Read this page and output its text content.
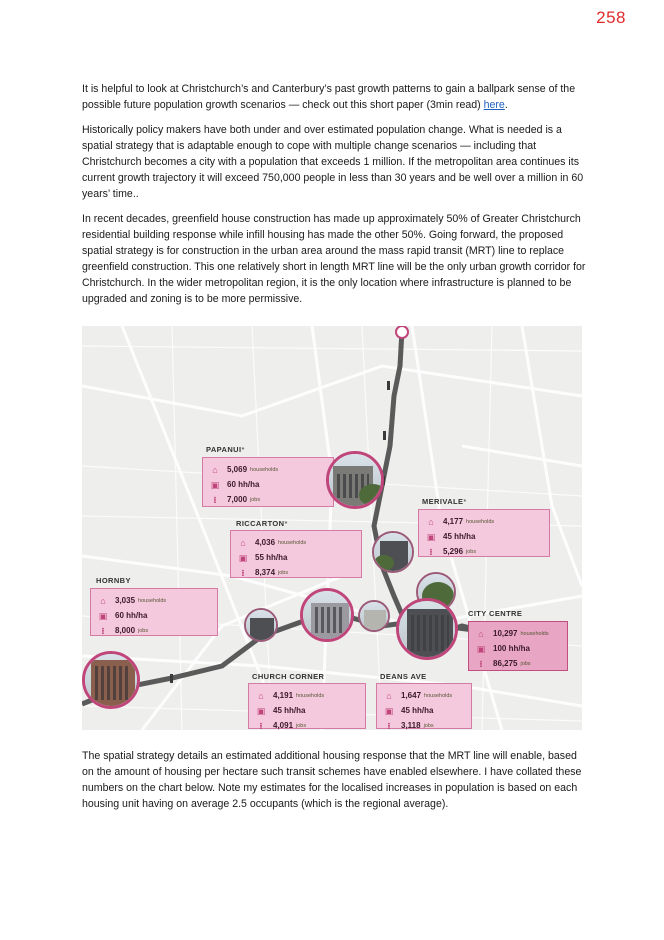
258

It is helpful to look at Christchurch’s and Canterbury’s past growth patterns to gain a ballpark sense of the possible future population growth scenarios — check out this short paper (3min read) here.

Historically policy makers have both under and over estimated population change. What is needed is a spatial strategy that is adaptable enough to cope with multiple change scenarios — including that Christchurch becomes a city with a population that exceeds 1 million. If the metropolitan area continues its current growth trajectory it will exceed 750,000 people in less than 30 years and be well over a million in 60 years’ time..

In recent decades, greenfield house construction has made up approximately 50% of Greater Christchurch residential building response while infill housing has made the other 50%. Going forward, the proposed spatial strategy is for construction in the urban area around the mass rapid transit (MRT) line to replace greenfield construction. This one relatively short in length MRT line will be the only urban growth corridor for Christchurch. In the wider metropolitan region, it is the only location where infrastructure is planned to be upgraded and zoning is to be more permissive.

PAPANUI*
⌂	5,069 households
▣ 60 hh/ha
⁝	7,000 jobs	MERIVALE*
⌂	4,177 households
▣ 45 hh/ha
⁝	5,296 jobs
RICCARTON*
⌂	4,036 households
▣ 55 hh/ha
⁝	8,374 jobs
HORNBY
⌂	3,035 households
▣ 60 hh/ha
⁝	8,000 jobs
CITY CENTRE
⌂	10,297 households
▣ 100 hh/ha
⁝	86,275 jobs
CHURCH CORNER
⌂	4,191 households
▣ 45 hh/ha
⁝	4,091 jobs
DEANS AVE
⌂	1,647 households
▣ 45 hh/ha
⁝	3,118 jobs

The spatial strategy details an estimated additional housing response that the MRT line will enable, based on the amount of housing per hectare such transit schemes have enabled elsewhere. I have collated these numbers on the chart below. Note my estimates for the localised increases in population is based on each housing unit having on average 2.5 occupants (which is the regional average).
